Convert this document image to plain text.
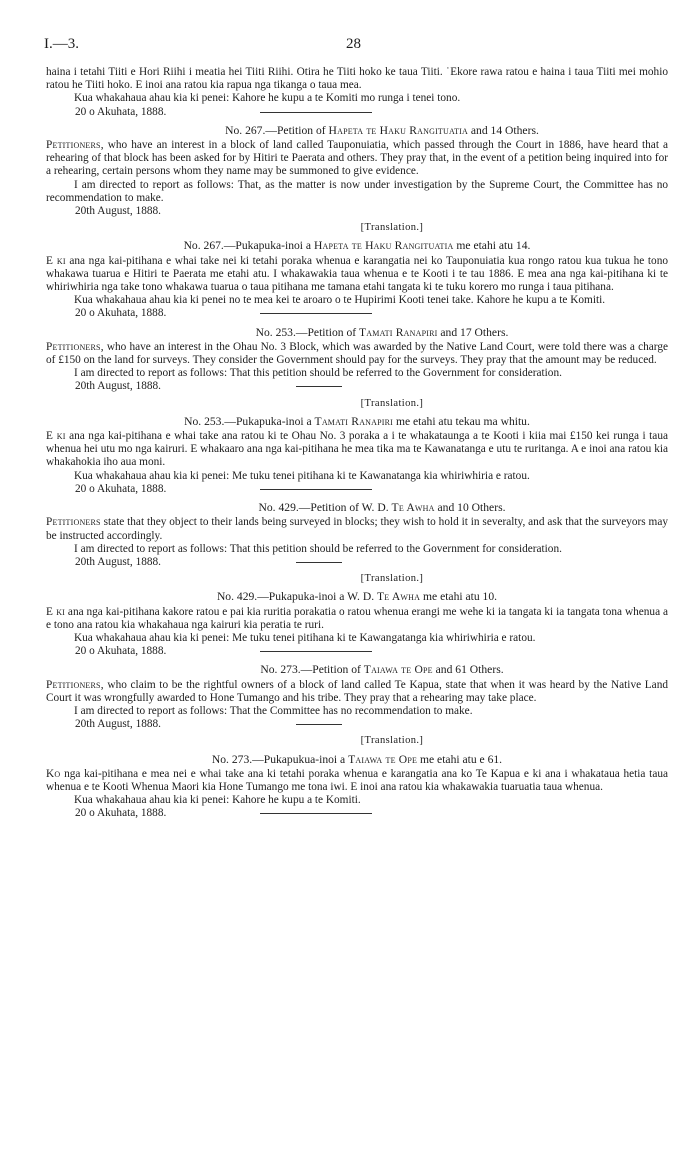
I.—3.	28

haina i tetahi Tiiti e Hori Riihi i meatia hei Tiiti Riihi. Otira he Tiiti hoko ke taua Tiiti. ˙Ekore rawa ratou e haina i taua Tiiti mei mohio ratou he Tiiti hoko. E inoi ana ratou kia rapua nga tikanga o taua mea.

Kua whakahaua ahau kia ki penei: Kahore he kupu a te Komiti mo runga i tenei tono.

20 o Akuhata, 1888.

No. 267.—Petition of Hapeta te Haku Rangituatia and 14 Others.

Petitioners, who have an interest in a block of land called Tauponuiatia, which passed through the Court in 1886, have heard that a rehearing of that block has been asked for by Hitiri te Paerata and others. They pray that, in the event of a petition being inquired into for a rehearing, certain persons whom they name may be summoned to give evidence.

I am directed to report as follows: That, as the matter is now under investigation by the Supreme Court, the Committee has no recommendation to make.

20th August, 1888.

[Translation.]

No. 267.—Pukapuka-inoi a Hapeta te Haku Rangituatia me etahi atu 14.

E ki ana nga kai-pitihana e whai take nei ki tetahi poraka whenua e karangatia nei ko Tauponuiatia kua rongo ratou kua tukua he tono whakawa tuarua e Hitiri te Paerata me etahi atu. I whakawakia taua whenua e te Kooti i te tau 1886. E mea ana nga kai-pitihana ki te whiriwhiria nga take tono whakawa tuarua o taua pitihana me tamana etahi tangata ki te tuku korero mo runga i taua pitihana.

Kua whakahaua ahau kia ki penei no te mea kei te aroaro o te Hupirimi Kooti tenei take. Kahore he kupu a te Komiti.

20 o Akuhata, 1888.

No. 253.—Petition of Tamati Ranapiri and 17 Others.

Petitioners, who have an interest in the Ohau No. 3 Block, which was awarded by the Native Land Court, were told there was a charge of £150 on the land for surveys. They consider the Government should pay for the surveys. They pray that the amount may be reduced.

I am directed to report as follows: That this petition should be referred to the Government for consideration.

20th August, 1888.

[Translation.]

No. 253.—Pukapuka-inoi a Tamati Ranapiri me etahi atu tekau ma whitu.

E ki ana nga kai-pitihana e whai take ana ratou ki te Ohau No. 3 poraka a i te whakataunga a te Kooti i kiia mai £150 kei runga i taua whenua hei utu mo nga kairuri. E whakaaro ana nga kai-pitihana he mea tika ma te Kawanatanga e utu te ruritanga. A e inoi ana ratou kia whakahokia iho aua moni.

Kua whakahaua ahau kia ki penei: Me tuku tenei pitihana ki te Kawanatanga kia whiriwhiria e ratou.

20 o Akuhata, 1888.

No. 429.—Petition of W. D. Te Awha and 10 Others.

Petitioners state that they object to their lands being surveyed in blocks; they wish to hold it in severalty, and ask that the surveyors may be instructed accordingly.

I am directed to report as follows: That this petition should be referred to the Government for consideration.

20th August, 1888.

[Translation.]

No. 429.—Pukapuka-inoi a W. D. Te Awha me etahi atu 10.

E ki ana nga kai-pitihana kakore ratou e pai kia ruritia porakatia o ratou whenua erangi me wehe ki ia tangata ki ia tangata tona whenua a e tono ana ratou kia whakahaua nga kairuri kia peratia te ruri.

Kua whakahaua ahau kia ki penei: Me tuku tenei pitihana ki te Kawangatanga kia whiriwhiria e ratou.

20 o Akuhata, 1888.

No. 273.—Petition of Taiawa te Ope and 61 Others.

Petitioners, who claim to be the rightful owners of a block of land called Te Kapua, state that when it was heard by the Native Land Court it was wrongfully awarded to Hone Tumango and his tribe. They pray that a rehearing may take place.

I am directed to report as follows: That the Committee has no recommendation to make.

20th August, 1888.

[Translation.]

No. 273.—Pukapukua-inoi a Taiawa te Ope me etahi atu e 61.

Ko nga kai-pitihana e mea nei e whai take ana ki tetahi poraka whenua e karangatia ana ko Te Kapua e ki ana i whakataua hetia taua whenua e te Kooti Whenua Maori kia Hone Tumango me tona iwi. E inoi ana ratou kia whakawakia tuaruatia taua whenua.

Kua whakahaua ahau kia ki penei: Kahore he kupu a te Komiti.

20 o Akuhata, 1888.
